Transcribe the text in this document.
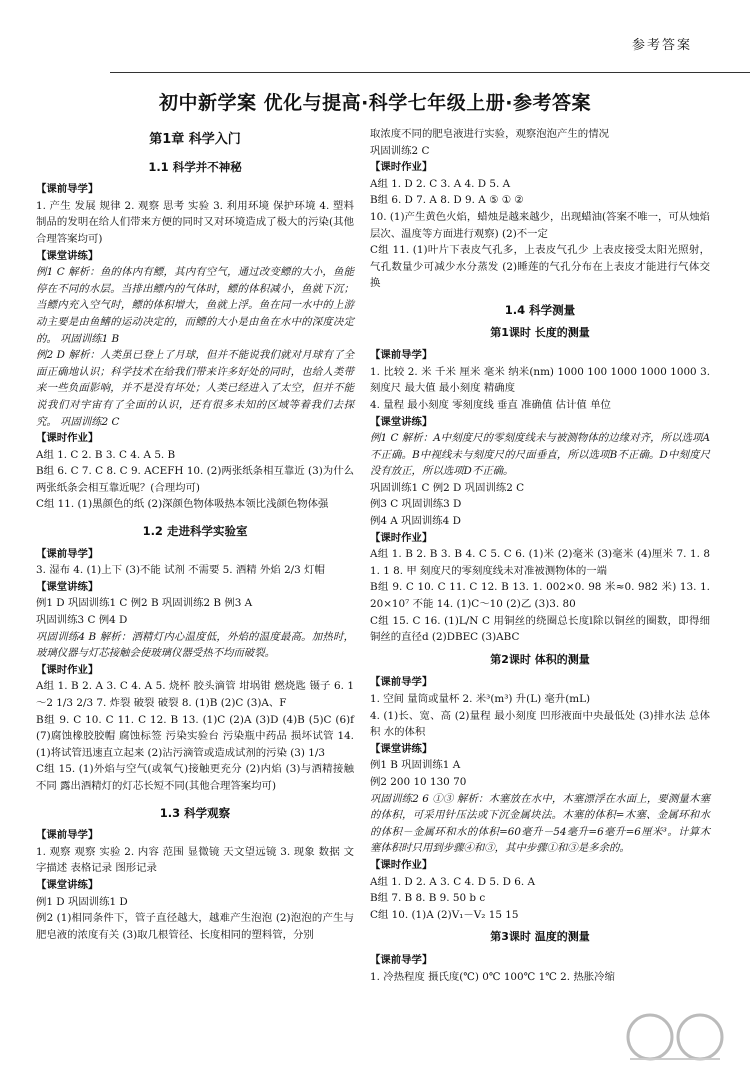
参考答案
初中新学案 优化与提高·科学七年级上册·参考答案
第1章 科学入门
1.1 科学并不神秘
【课前导学】

1. 产生 发展 规律 2. 观察 思考 实验 3. 利用环境 保护环境 4. 塑料制品的发明在给人们带来方便的同时又对环境造成了极大的污染(其他合理答案均可)

【课堂讲练】

例1 C 解析：鱼的体内有鳔，其内有空气，通过改变鳔的大小，鱼能停在不同的水层。当排出鳔内的气体时，鳔的体积减小，鱼就下沉；当鳔内充入空气时，鳔的体积增大，鱼就上浮。鱼在同一水中的上游动主要是由鱼鳍的运动决定的，而鳔的大小是由鱼在水中的深度决定的。 巩固训练1 B

例2 D 解析：人类虽已登上了月球，但并不能说我们就对月球有了全面正确地认识；科学技术在给我们带来许多好处的同时，也给人类带来一些负面影响，并不是没有坏处；人类已经进入了太空，但并不能说我们对宇宙有了全面的认识，还有很多未知的区域等着我们去探究。 巩固训练2 C

【课时作业】

A组 1. C 2. B 3. C 4. A 5. B

B组 6. C 7. C 8. C 9. ACEFH 10. (2)两张纸条相互靠近 (3)为什么两张纸条会相互靠近呢？(合理均可)

C组 11. (1)黑颜色的纸 (2)深颜色物体吸热本领比浅颜色物体强

1.2 走进科学实验室
【课前导学】

3. 湿布 4. (1)上下 (3)不能 试剂 不需要 5. 酒精 外焰 2/3 灯帽

【课堂讲练】

例1 D 巩固训练1 C 例2 B 巩固训练2 B 例3 A

巩固训练3 C 例4 D

巩固训练4 B 解析：酒精灯内心温度低，外焰的温度最高。加热时，玻璃仪器与灯芯接触会使玻璃仪器受热不均而破裂。

【课时作业】

A组 1. B 2. A 3. C 4. A 5. 烧杯 胶头滴管 坩埚钳 燃烧匙 镊子 6. 1～2 1/3 2/3 7. 炸裂 破裂 破裂 8. (1)B (2)C (3)A、F

B组 9. C 10. C 11. C 12. B 13. (1)C (2)A (3)D (4)B (5)C (6)f (7)腐蚀橡胶胶帽 腐蚀标签 污染实验台 污染瓶中药品 损坏试管 14. (1)将试管迅速直立起来 (2)沾污滴管或造成试剂的污染 (3) 1/3

C组 15. (1)外焰与空气(或氧气)接触更充分 (2)内焰 (3)与酒精接触不同 露出酒精灯的灯芯长短不同(其他合理答案均可)

1.3 科学观察
【课前导学】

1. 观察 观察 实验 2. 内容 范围 显微镜 天文望远镜 3. 现象 数据 文字描述 表格记录 图形记录

【课堂讲练】

例1 D 巩固训练1 D

例2 (1)相同条件下，管子直径越大，越难产生泡泡 (2)泡泡的产生与肥皂液的浓度有关 (3)取几根管径、长度相同的塑料管，分别

取浓度不同的肥皂液进行实验，观察泡泡产生的情况

巩固训练2 C

【课时作业】

A组 1. D 2. C 3. A 4. D 5. A

B组 6. D 7. A 8. D 9. A ⑤ ① ②

10. (1)产生黄色火焰，蜡烛是越来越少，出现蜡油(答案不唯一，可从烛焰层次、温度等方面进行观察) (2)不一定

C组 11. (1)叶片下表皮气孔多，上表皮气孔少 上表皮接受太阳光照射，气孔数量少可减少水分蒸发 (2)睡莲的气孔分布在上表皮才能进行气体交换

1.4 科学测量
第1课时 长度的测量
【课前导学】

1. 比较 2. 米 千米 厘米 毫米 纳米(nm) 1000 100 1000 1000 1000 3. 刻度尺 最大值 最小刻度 精确度

4. 量程 最小刻度 零刻度线 垂直 准确值 估计值 单位

【课堂讲练】

例1 C 解析：A中刻度尺的零刻度线未与被测物体的边缘对齐，所以选项A不正确。B中视线未与刻度尺的尺面垂直，所以选项B不正确。D中刻度尺没有放正，所以选项D不正确。

巩固训练1 C 例2 D 巩固训练2 C

例3 C 巩固训练3 D

例4 A 巩固训练4 D

【课时作业】

A组 1. B 2. B 3. B 4. C 5. C 6. (1)米 (2)毫米 (3)毫米 (4)厘米 7. 1. 8 1. 1 8. 甲 刻度尺的零刻度线未对准被测物体的一端

B组 9. C 10. C 11. C 12. B 13. 1. 002×0. 98 米≈0. 982 米) 13. 1. 20×10⁷ 不能 14. (1)C～10 (2)乙 (3)3. 80

C组 15. C 16. (1)L/N C 用铜丝的绕圈总长度l除以铜丝的圈数，即得细铜丝的直径d (2)DBEC (3)ABC

第2课时 体积的测量
【课前导学】

1. 空间 量筒或量杯 2. 米³(m³) 升(L) 毫升(mL)

4. (1)长、宽、高 (2)量程 最小刻度 凹形液面中央最低处 (3)排水法 总体积 水的体积

【课堂讲练】

例1 B 巩固训练1 A

例2 200 10 130 70

巩固训练2 6 ①③ 解析：木塞放在水中，木塞漂浮在水面上，要测量木塞的体积，可采用针压法或下沉金属块法。木塞的体积=木塞、金属环和水的体积－金属环和水的体积=60毫升－54毫升=6毫升=6厘米³。计算木塞体积时只用到步骤④和③，其中步骤①和③是多余的。

【课时作业】

A组 1. D 2. A 3. C 4. D 5. D 6. A

B组 7. B 8. B 9. 50 b c

C组 10. (1)A (2)V₁－V₂ 15 15

第3课时 温度的测量
【课前导学】

1. 冷热程度 摄氏度(℃) 0℃ 100℃ 1℃ 2. 热胀冷缩
